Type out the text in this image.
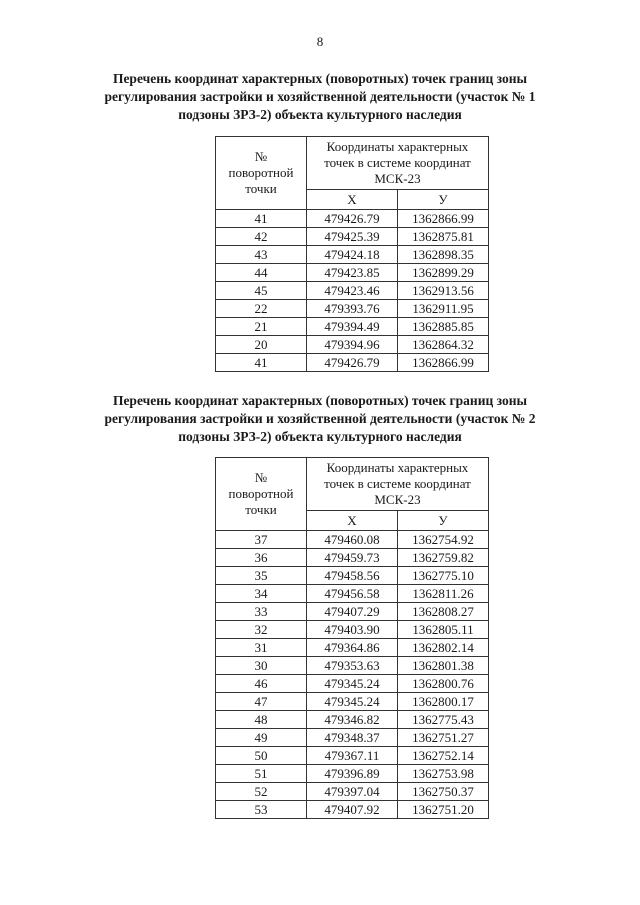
8
Перечень координат характерных (поворотных) точек границ зоны
регулирования застройки и хозяйственной деятельности (участок № 1
подзоны ЗРЗ-2) объекта культурного наследия
№
поворотной
точки	Координаты характерных
точек в системе координат
МСК-23	

	X	У
41	479426.79	1362866.99
42	479425.39	1362875.81
43	479424.18	1362898.35
44	479423.85	1362899.29
45	479423.46	1362913.56
22	479393.76	1362911.95
21	479394.49	1362885.85
20	479394.96	1362864.32
41	479426.79	1362866.99
Перечень координат характерных (поворотных) точек границ зоны
регулирования застройки и хозяйственной деятельности (участок № 2
подзоны ЗРЗ-2) объекта культурного наследия
№
поворотной
точки	Координаты характерных
точек в системе координат
МСК-23	

	X	У
37	479460.08	1362754.92
36	479459.73	1362759.82
35	479458.56	1362775.10
34	479456.58	1362811.26
33	479407.29	1362808.27
32	479403.90	1362805.11
31	479364.86	1362802.14
30	479353.63	1362801.38
46	479345.24	1362800.76
47	479345.24	1362800.17
48	479346.82	1362775.43
49	479348.37	1362751.27
50	479367.11	1362752.14
51	479396.89	1362753.98
52	479397.04	1362750.37
53	479407.92	1362751.20
